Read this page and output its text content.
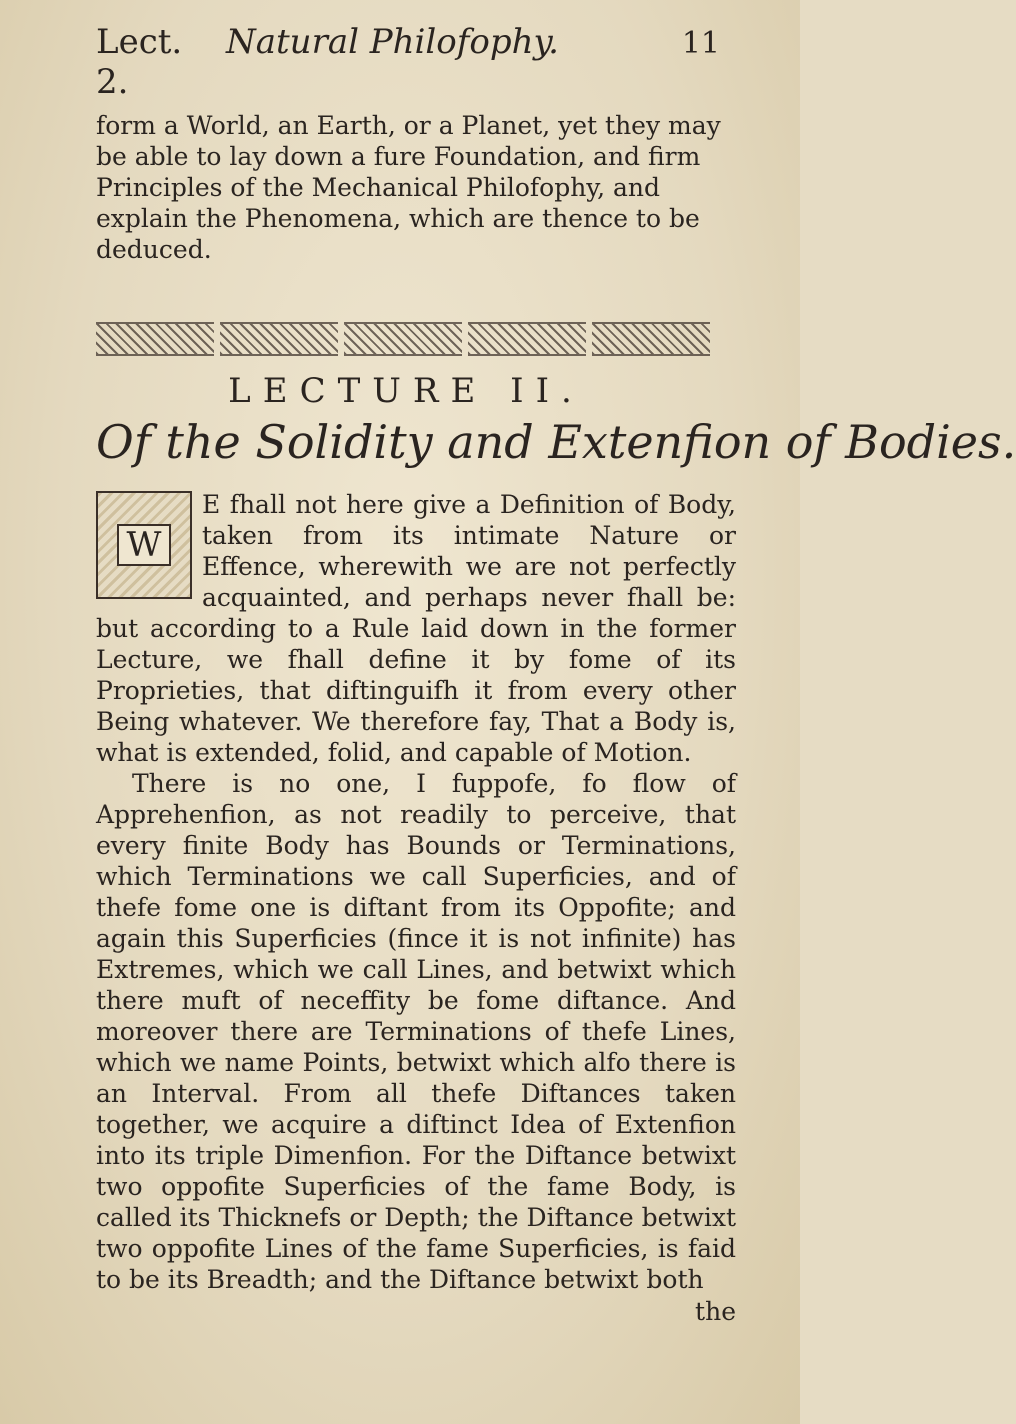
Lect. 2.
Natural Philofophy.	11
form a World, an Earth, or a Planet, yet they may be able to lay down a fure Foundation, and firm Principles of the Mechanical Philofophy, and explain the Phenomena, which are thence to be deduced.
LECTURE II.
Of the Solidity and Extenfion of Bodies.
W

E fhall not here give a Definition of Body, taken from its intimate Nature or Effence, wherewith we are not perfectly acquainted, and perhaps never fhall be: but according to a Rule laid down in the former Lecture, we fhall define it by fome of its Proprieties, that diftinguifh it from every other Being whatever. We therefore fay, That a Body is, what is extended, folid, and capable of Motion.

There is no one, I fuppofe, fo flow of Apprehenfion, as not readily to perceive, that every finite Body has Bounds or Terminations, which Terminations we call Superficies, and of thefe fome one is diftant from its Oppofite; and again this Superficies (fince it is not infinite) has Extremes, which we call Lines, and betwixt which there muft of neceffity be fome diftance. And moreover there are Terminations of thefe Lines, which we name Points, betwixt which alfo there is an Interval. From all thefe Diftances taken together, we acquire a diftinct Idea of Extenfion into its triple Dimenfion. For the Diftance betwixt two oppofite Superficies of the fame Body, is called its Thicknefs or Depth; the Diftance betwixt two oppofite Lines of the fame Superficies, is faid to be its Breadth; and the Diftance betwixt both

the
